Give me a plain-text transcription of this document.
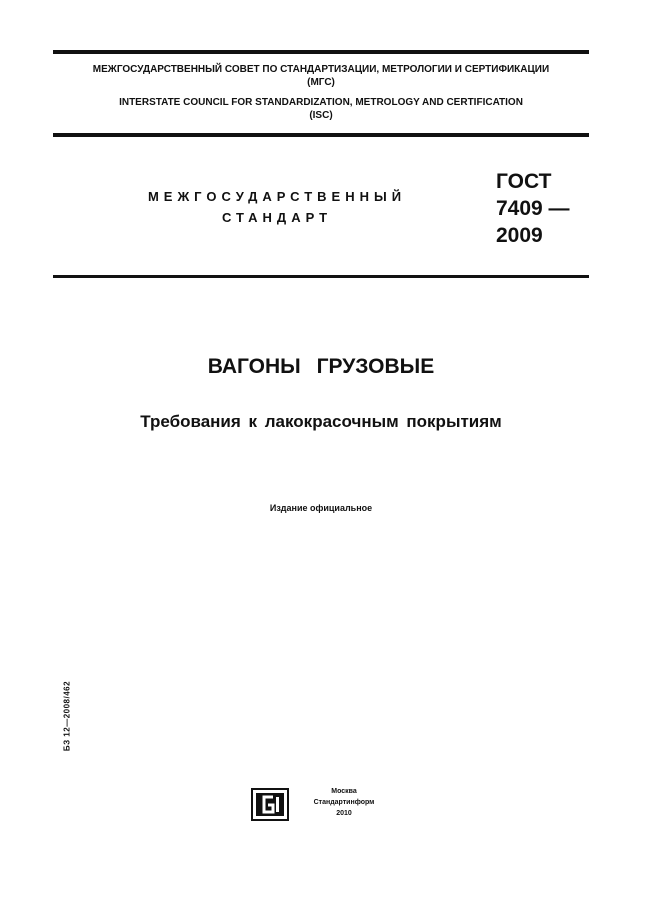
МЕЖГОСУДАРСТВЕННЫЙ СОВЕТ ПО СТАНДАРТИЗАЦИИ, МЕТРОЛОГИИ И СЕРТИФИКАЦИИ
(МГС)
INTERSTATE COUNCIL FOR STANDARDIZATION, METROLOGY AND CERTIFICATION
(ISC)
МЕЖГОСУДАРСТВЕННЫЙ
СТАНДАРТ
ГОСТ
7409 —
2009
ВАГОНЫ ГРУЗОВЫЕ
Требования к лакокрасочным покрытиям
Издание официальное
БЗ 12—2008/462
Москва
Стандартинформ
2010
